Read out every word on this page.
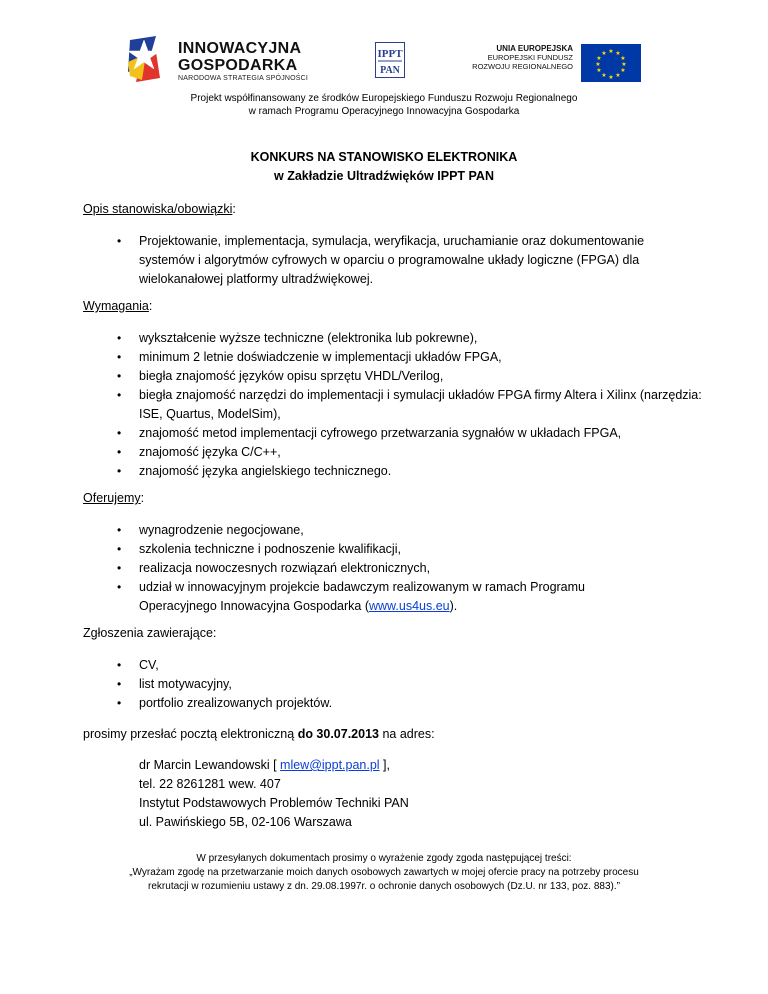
INNOWACYJNA
GOSPODARKA
NARODOWA STRATEGIA SPÓJNOŚCI
IPPT
PAN
UNIA EUROPEJSKA
EUROPEJSKI FUNDUSZ
ROZWOJU REGIONALNEGO
★ ★
★
★
★
★
★
★
★
★
★
★
Projekt współfinansowany ze środków Europejskiego Funduszu Rozwoju Regionalnego
w ramach Programu Operacyjnego Innowacyjna Gospodarka
KONKURS NA STANOWISKO ELEKTRONIKA
w Zakładzie Ultradźwięków IPPT PAN
Opis stanowiska/obowiązki:
• Projektowanie, implementacja, symulacja, weryfikacja, uruchamianie oraz dokumentowanie systemów i algorytmów cyfrowych w oparciu o programowalne układy logiczne (FPGA) dla wielokanałowej platformy ultradźwiękowej.
Wymagania:
• wykształcenie wyższe techniczne (elektronika lub pokrewne),
• minimum 2 letnie doświadczenie w implementacji układów FPGA,
• biegła znajomość języków opisu sprzętu VHDL/Verilog,
• biegła znajomość narzędzi do implementacji i symulacji układów FPGA firmy Altera i Xilinx (narzędzia: ISE, Quartus, ModelSim),
• znajomość metod implementacji cyfrowego przetwarzania sygnałów w układach FPGA,
• znajomość języka C/C++,
• znajomość języka angielskiego technicznego.
Oferujemy:
• wynagrodzenie negocjowane,
• szkolenia techniczne i podnoszenie kwalifikacji,
• realizacja nowoczesnych rozwiązań elektronicznych,
• udział w innowacyjnym projekcie badawczym realizowanym w ramach Programu Operacyjnego Innowacyjna Gospodarka (www.us4us.eu).
Zgłoszenia zawierające:
• CV,
• list motywacyjny,
• portfolio zrealizowanych projektów.
prosimy przesłać pocztą elektroniczną do 30.07.2013 na adres:
dr Marcin Lewandowski [ mlew@ippt.pan.pl ],
tel. 22 8261281 wew. 407
Instytut Podstawowych Problemów Techniki PAN
ul. Pawińskiego 5B, 02-106 Warszawa
W przesyłanych dokumentach prosimy o wyrażenie zgody zgoda następującej treści:
„Wyrażam zgodę na przetwarzanie moich danych osobowych zawartych w mojej ofercie pracy na potrzeby procesu
rekrutacji w rozumieniu ustawy z dn. 29.08.1997r. o ochronie danych osobowych (Dz.U. nr 133, poz. 883).”
